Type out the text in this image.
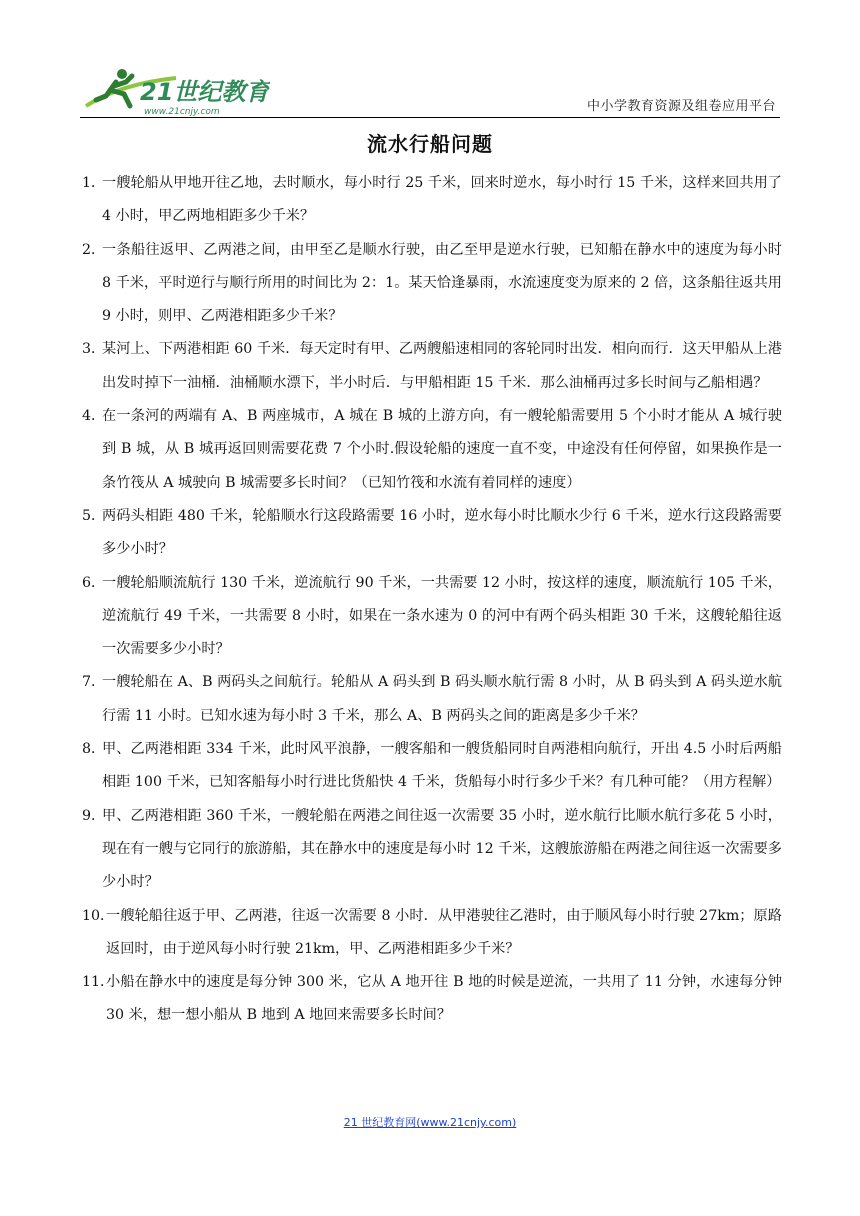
21世纪教育
www.21cnjy.com	中小学教育资源及组卷应用平台
流水行船问题

1．
一艘轮船从甲地开往乙地，去时顺水，每小时行 25 千米，回来时逆水，每小时行 15 千米，这样来回共用了 4 小时，甲乙两地相距多少千米？

2．
一条船往返甲、乙两港之间，由甲至乙是顺水行驶，由乙至甲是逆水行驶，已知船在静水中的速度为每小时 8 千米，平时逆行与顺行所用的时间比为 2：1。某天恰逢暴雨，水流速度变为原来的 2 倍，这条船往返共用 9 小时，则甲、乙两港相距多少千米？

3．
某河上、下两港相距 60 千米．每天定时有甲、乙两艘船速相同的客轮同时出发．相向而行．这天甲船从上港出发时掉下一油桶．油桶顺水漂下，半小时后．与甲船相距 15 千米．那么油桶再过多长时间与乙船相遇？

4．
在一条河的两端有 A、B 两座城市，A 城在 B 城的上游方向，有一艘轮船需要用 5 个小时才能从 A 城行驶到 B 城，从 B 城再返回则需要花费 7 个小时.假设轮船的速度一直不变，中途没有任何停留，如果换作是一条竹筏从 A 城驶向 B 城需要多长时间？（已知竹筏和水流有着同样的速度）

5．
两码头相距 480 千米，轮船顺水行这段路需要 16 小时，逆水每小时比顺水少行 6 千米，逆水行这段路需要多少小时？

6．
一艘轮船顺流航行 130 千米，逆流航行 90 千米，一共需要 12 小时，按这样的速度，顺流航行 105 千米，逆流航行 49 千米，一共需要 8 小时，如果在一条水速为 0 的河中有两个码头相距 30 千米，这艘轮船往返一次需要多少小时？

7．
一艘轮船在 A、B 两码头之间航行。轮船从 A 码头到 B 码头顺水航行需 8 小时，从 B 码头到 A 码头逆水航行需 11 小时。已知水速为每小时 3 千米，那么 A、B 两码头之间的距离是多少千米？

8．
甲、乙两港相距 334 千米，此时风平浪静，一艘客船和一艘货船同时自两港相向航行，开出 4.5 小时后两船相距 100 千米，已知客船每小时行进比货船快 4 千米，货船每小时行多少千米？有几种可能？（用方程解）

9．
甲、乙两港相距 360 千米，一艘轮船在两港之间往返一次需要 35 小时，逆水航行比顺水航行多花 5 小时，现在有一艘与它同行的旅游船，其在静水中的速度是每小时 12 千米，这艘旅游船在两港之间往返一次需要多少小时？

10．
一艘轮船往返于甲、乙两港，往返一次需要 8 小时．从甲港驶往乙港时，由于顺风每小时行驶 27km；原路返回时，由于逆风每小时行驶 21km，甲、乙两港相距多少千米？

11．
小船在静水中的速度是每分钟 300 米，它从 A 地开往 B 地的时候是逆流，一共用了 11 分钟，水速每分钟 30 米，想一想小船从 B 地到 A 地回来需要多长时间？

21 世纪教育网(www.21cnjy.com)
